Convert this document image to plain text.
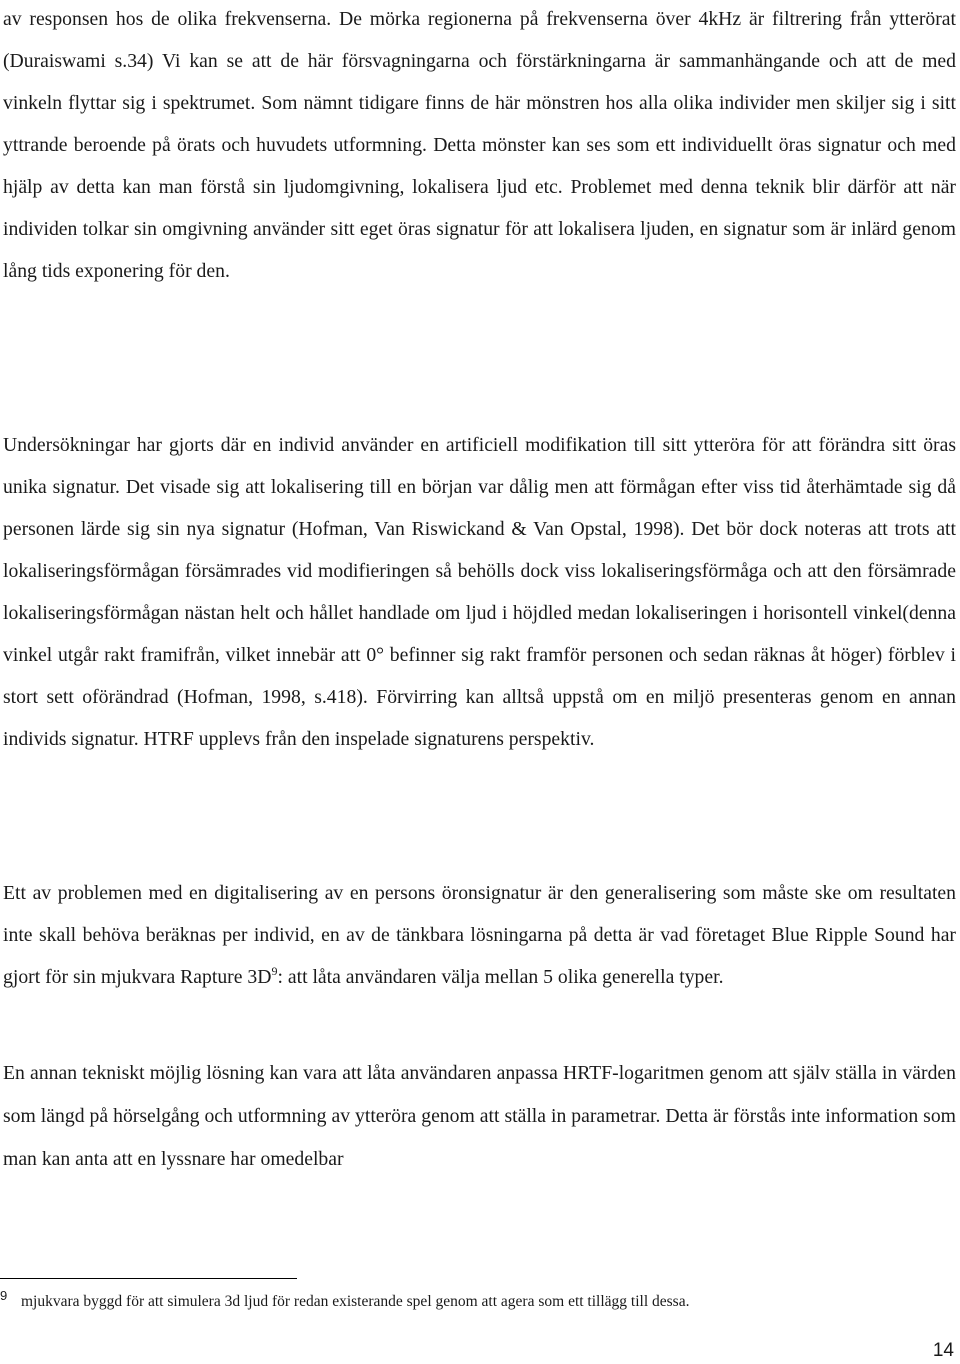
av responsen hos de olika frekvenserna. De mörka regionerna på frekvenserna över 4kHz är filtrering från ytterörat (Duraiswami s.34) Vi kan se att de här försvagningarna och förstärkningarna är sammanhängande och att de med vinkeln flyttar sig i spektrumet. Som nämnt tidigare finns de här mönstren hos alla olika individer men skiljer sig i sitt yttrande beroende på örats och huvudets utformning. Detta mönster kan ses som ett individuellt öras signatur och med hjälp av detta kan man förstå sin ljudomgivning, lokalisera ljud etc. Problemet med denna teknik blir därför att när individen tolkar sin omgivning använder sitt eget öras signatur för att lokalisera ljuden, en signatur som är inlärd genom lång tids exponering för den.

Undersökningar har gjorts där en individ använder en artificiell modifikation till sitt ytteröra för att förändra sitt öras unika signatur. Det visade sig att lokalisering till en början var dålig men att förmågan efter viss tid återhämtade sig då personen lärde sig sin nya signatur (Hofman, Van Riswickand & Van Opstal, 1998). Det bör dock noteras att trots att lokaliseringsförmågan försämrades vid modifieringen så behölls dock viss lokaliseringsförmåga och att den försämrade lokaliseringsförmågan nästan helt och hållet handlade om ljud i höjdled medan lokaliseringen i horisontell vinkel(denna vinkel utgår rakt framifrån, vilket innebär att 0° befinner sig rakt framför personen och sedan räknas åt höger) förblev i stort sett oförändrad (Hofman, 1998, s.418). Förvirring kan alltså uppstå om en miljö presenteras genom en annan individs signatur. HTRF upplevs från den inspelade signaturens perspektiv.

Ett av problemen med en digitalisering av en persons öronsignatur är den generalisering som måste ske om resultaten inte skall behöva beräknas per individ, en av de tänkbara lösningarna på detta är vad företaget Blue Ripple Sound har gjort för sin mjukvara Rapture $3D^9$: att låta användaren välja mellan 5 olika generella typer.

En annan tekniskt möjlig lösning kan vara att låta användaren anpassa HRTF-logaritmen genom att själv ställa in värden som längd på hörselgång och utformning av ytteröra genom att ställa in parametrar. Detta är förstås inte information som man kan anta att en lyssnare har omedelbar

9 mjukvara byggd för att simulera 3d ljud för redan existerande spel genom att agera som ett tillägg till dessa.
14
